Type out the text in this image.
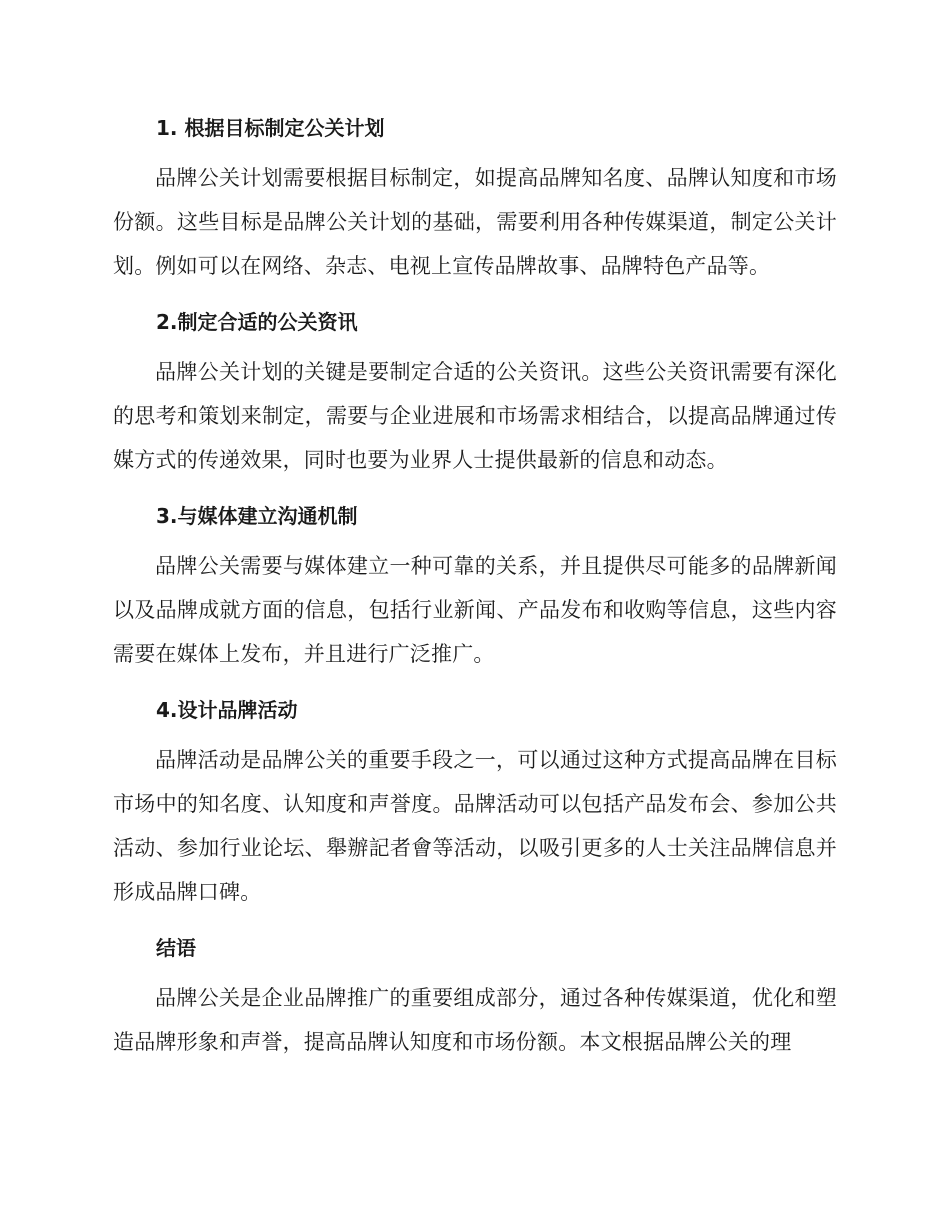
1. 根据目标制定公关计划

品牌公关计划需要根据目标制定，如提高品牌知名度、品牌认知度和市场份额。这些目标是品牌公关计划的基础，需要利用各种传媒渠道，制定公关计划。例如可以在网络、杂志、电视上宣传品牌故事、品牌特色产品等。

2.制定合适的公关资讯

品牌公关计划的关键是要制定合适的公关资讯。这些公关资讯需要有深化的思考和策划来制定，需要与企业进展和市场需求相结合，以提高品牌通过传媒方式的传递效果，同时也要为业界人士提供最新的信息和动态。

3.与媒体建立沟通机制

品牌公关需要与媒体建立一种可靠的关系，并且提供尽可能多的品牌新闻以及品牌成就方面的信息，包括行业新闻、产品发布和收购等信息，这些内容需要在媒体上发布，并且进行广泛推广。

4.设计品牌活动

品牌活动是品牌公关的重要手段之一，可以通过这种方式提高品牌在目标市场中的知名度、认知度和声誉度。品牌活动可以包括产品发布会、参加公共活动、参加行业论坛、舉辦記者會等活动，以吸引更多的人士关注品牌信息并形成品牌口碑。

结语

品牌公关是企业品牌推广的重要组成部分，通过各种传媒渠道，优化和塑造品牌形象和声誉，提高品牌认知度和市场份额。本文根据品牌公关的理
